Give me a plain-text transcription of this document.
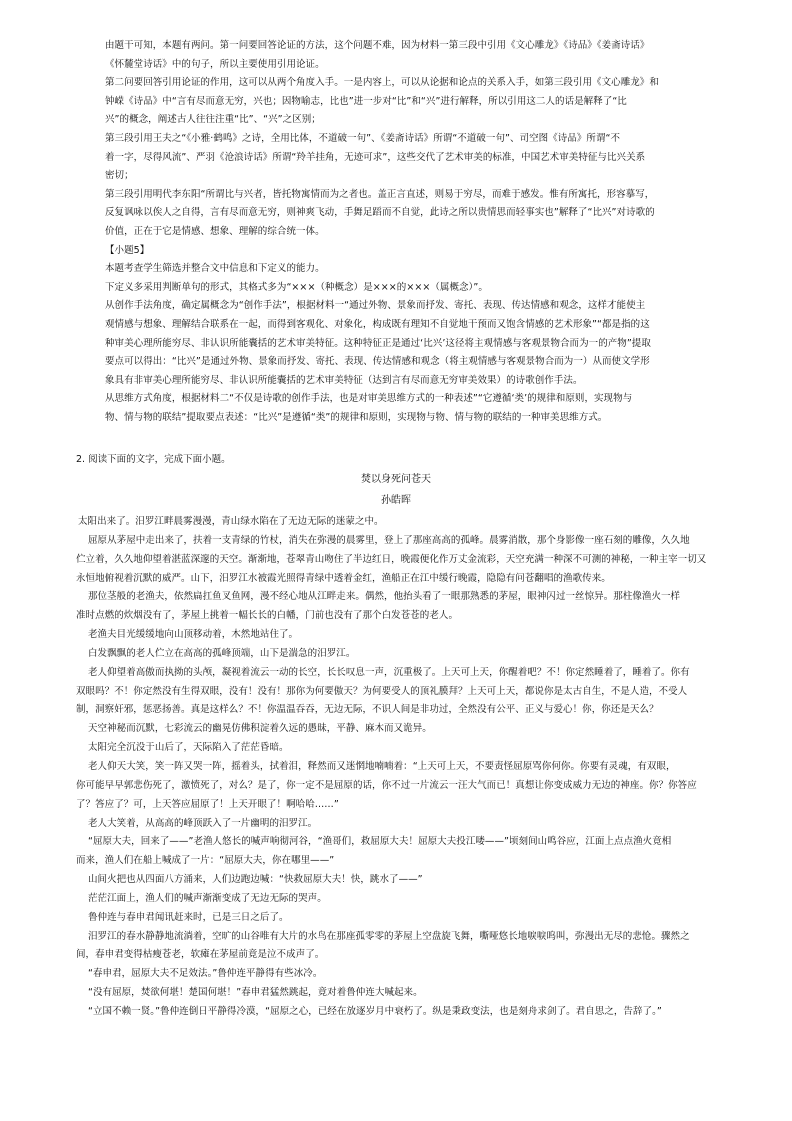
由题干可知，本题有两问。第一问要回答论证的方法，这个问题不难，因为材料一第三段中引用《文心雕龙》《诗品》《姜斋诗话》
《怀麓堂诗话》中的句子，所以主要使用引用论证。
第二问要回答引用论证的作用，这可以从两个角度入手。一是内容上，可以从论据和论点的关系入手，如第三段引用《文心雕龙》和
钟嵘《诗品》中“言有尽而意无穷，兴也；因物喻志，比也”进一步对“比”和“兴”进行解释，所以引用这二人的话是解释了“比
兴”的概念，阐述古人往往注重“比”、“兴”之区别；
第三段引用王夫之“《小雅·鹤鸣》之诗，全用比体，不道破一句”、《姜斋诗话》所谓“不道破一句”、司空图《诗品》所谓“不
着一字，尽得风流”、严羽《沧浪诗话》所谓“羚羊挂角，无迹可求”，这些交代了艺术审美的标准，中国艺术审美特征与比兴关系
密切；
第三段引用明代李东阳“所谓比与兴者，皆托物寓情而为之者也。盖正言直述，则易于穷尽，而难于感发。惟有所寓托，形容摹写，
反复讽咏以俟人之自得，言有尽而意无穷，则神爽飞动，手舞足蹈而不自觉，此诗之所以贵情思而轻事实也”解释了“比兴”对诗歌的
价值，正在于它是情感、想象、理解的综合统一体。
【小题5】
本题考查学生筛选并整合文中信息和下定义的能力。
下定义多采用判断单句的形式，其格式多为“×××（种概念）是×××的×××（属概念）”。
从创作手法角度，确定属概念为“创作手法”，根据材料一“通过外物、景象而抒发、寄托、表现、传达情感和观念，这样才能使主
观情感与想象、理解结合联系在一起，而得到客观化、对象化，构成既有理知不自觉地干预而又饱含情感的艺术形象”“都是指的这
种审美心理所能穷尽、非认识所能囊括的艺术审美特征。这种特征正是通过‘比兴’这径将主观情感与客观景物合而为一的产物”提取
要点可以得出：“比兴”是通过外物、景象而抒发、寄托、表现、传达情感和观念（将主观情感与客观景物合而为一）从而使文学形
象具有非审美心理所能穷尽、非认识所能囊括的艺术审美特征（达到言有尽而意无穷审美效果）的诗歌创作手法。
从思维方式角度，根据材料二“不仅是诗歌的创作手法，也是对审美思维方式的一种表述”“它遵循‘类’的规律和原则，实现物与
物、情与物的联结”提取要点表述：“比兴”是遵循“类”的规律和原则，实现物与物、情与物的联结的一种审美思维方式。
2. 阅读下面的文字，完成下面小题。
焚以身死问苍天
孙皓晖
太阳出来了。汨罗江畔晨雾漫漫，青山绿水陷在了无边无际的迷蒙之中。
屈原从茅屋中走出来了，扶着一支青绿的竹杖，消失在弥漫的晨雾里，登上了那座高高的孤峰。晨雾消散，那个身影像一座石刻的雕像，久久地
伫立着，久久地仰望着湛蓝深邃的天空。渐渐地，苍翠青山吻住了半边红日，晚霞便化作万丈金流彩，天空充满一种深不可测的神秘，一种主宰一切又
永恒地俯视着沉默的威严。山下，汨罗江水被霞光照得青绿中透着金红，渔船正在江中缓行晚霞，隐隐有问苍翻唱的渔歌传来。
那位茎般的老渔夫，依然扁扛鱼叉鱼网，漫不经心地从江畔走来。偶然，他抬头看了一眼那熟悉的茅屋，眼神闪过一丝惊异。那柱像渔火一样
准时点燃的炊烟没有了，茅屋上挑着一幅长长的白幡，门前也没有了那个白发苍苍的老人。
老渔夫目光缓缓地向山顶移动着，木然地站住了。
白发飘飘的老人伫立在高高的孤峰顶端，山下是湍急的汨罗江。
老人仰望着高傲而执拗的头颅，凝视着流云一动的长空，长长叹息一声，沉重极了。上天可上天，你醒着吧？不！你定然睡着了，睡着了。你有
双眼吗？不！你定然没有生得双眼，没有！没有！那你为何要傲天？为何要受人的顶礼膜拜？上天可上天，都说你是太古自生，不是人造，不受人
制，洞察奸邪，惩恶扬善。真是这样么？不！你温温吞吞，无边无际，不识人间是非功过，全然没有公平、正义与爱心！你，你还是天么？
天空神秘而沉默，七彩流云的幽晃仿佛积淀着久远的愚昧，平静、麻木而又诡异。
太阳完全沉没于山后了，天际陷入了茫茫昏暗。
老人仰天大笑，笑一阵又哭一阵，摇着头，拭着泪，释然而又迷惘地喃喃着：“上天可上天，不要责怪屈原骂你何你。你要有灵魂，有双眼，
你可能早早郭悲伤死了，激愤死了，对么？是了，你一定不是屈原的话，你不过一片流云一汪大气而已！真想让你变成威力无边的神座。你？你答应
了？答应了？可，上天答应屈原了！上天开眼了！啊哈哈……”
老人大笑着，从高高的峰顶跃入了一片幽明的汨罗江。
“屈原大夫，回来了——”老渔人悠长的喊声响彻河谷，“渔哥们，救屈原大夫！屈原大夫投江喽——”顷刻间山鸣谷应，江面上点点渔火竟相
而来，渔人们在船上喊成了一片：“屈原大夫，你在哪里——”
山间火把也从四面八方涌来，人们边跑边喊：“快救屈原大夫！快，跳水了——”
茫茫江面上，渔人们的喊声渐渐变成了无边无际的哭声。
鲁仲连与春申君闻讯赶来时，已是三日之后了。
汨罗江的春水静静地流淌着，空旷的山谷唯有大片的水鸟在那座孤零零的茅屋上空盘旋飞舞，嘶哑悠长地唳唳呜叫，弥漫出无尽的悲怆。骤然之
间，春申君变得枯瘦苍老，软瘫在茅屋前竟是泣不成声了。
“春申君，屈原大夫不足效法。”鲁仲连平静得有些冰冷。
“没有屈原，焚欲何堪！楚国何堪！”春申君猛然跳起，竟对着鲁仲连大喊起来。
“立国不赖一贤。”鲁仲连倒日平静得冷漠，“屈原之心，已经在放逐岁月中衰朽了。纵是秉政变法，也是刻舟求剑了。君自思之，告辞了。”
